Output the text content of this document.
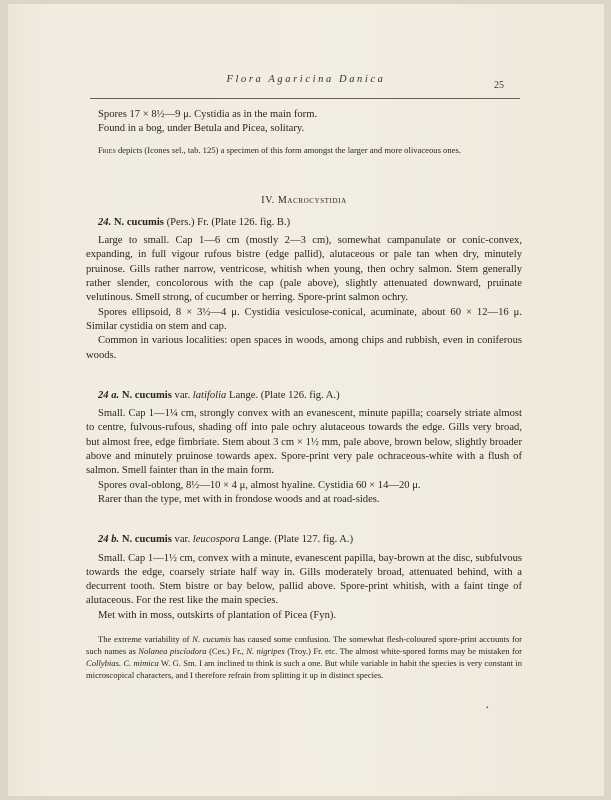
Flora Agaricina Danica
25

Spores 17 × 8½—9 μ. Cystidia as in the main form.

Found in a bog, under Betula and Picea, solitary.

Fries depicts (Icones sel., tab. 125) a specimen of this form amongst the larger and more olivaceous ones.

IV. Macrocystidia

24. N. cucumis (Pers.) Fr. (Plate 126. fig. B.)

Large to small. Cap 1—6 cm (mostly 2—3 cm), somewhat campanulate or conic-convex, expanding, in full vigour rufous bistre (edge pallid), alutaceous or pale tan when dry, minutely pruinose. Gills rather narrow, ventricose, whitish when young, then ochry salmon. Stem generally rather slender, concolorous with the cap (pale above), slightly attenuated downward, pruinate velutinous. Smell strong, of cucumber or herring. Spore-print salmon ochry.

Spores ellipsoid, 8 × 3½—4 μ. Cystidia vesiculose-conical, acuminate, about 60 × 12—16 μ. Similar cystidia on stem and cap.

Common in various localities: open spaces in woods, among chips and rubbish, even in coniferous woods.

24 a. N. cucumis var. latifolia Lange. (Plate 126. fig. A.)

Small. Cap 1—1¼ cm, strongly convex with an evanescent, minute papilla; coarsely striate almost to centre, fulvous-rufous, shading off into pale ochry alutaceous towards the edge. Gills very broad, but almost free, edge fimbriate. Stem about 3 cm × 1½ mm, pale above, brown below, slightly broader above and minutely pruinose towards apex. Spore-print very pale ochraceous-white with a flush of salmon. Smell fainter than in the main form.

Spores oval-oblong, 8½—10 × 4 μ, almost hyaline. Cystidia 60 × 14—20 μ.

Rarer than the type, met with in frondose woods and at road-sides.

24 b. N. cucumis var. leucospora Lange. (Plate 127. fig. A.)

Small. Cap 1—1½ cm, convex with a minute, evanescent papilla, bay-brown at the disc, subfulvous towards the edge, coarsely striate half way in. Gills moderately broad, attenuated behind, with a decurrent tooth. Stem bistre or bay below, pallid above. Spore-print whitish, with a faint tinge of alutaceous. For the rest like the main species.

Met with in moss, outskirts of plantation of Picea (Fyn).

The extreme variability of N. cucumis has caused some confusion. The somewhat flesh-coloured spore-print accounts for such names as Nolanea piscíodora (Ces.) Fr., N. nigripes (Troy.) Fr. etc. The almost white-spored forms may be mistaken for Collybias. C. mimica W. G. Sm. I am inclined to think is such a one. But while variable in habit the species is very constant in microscopical characters, and I therefore refrain from splitting it up in distinct species.

•
